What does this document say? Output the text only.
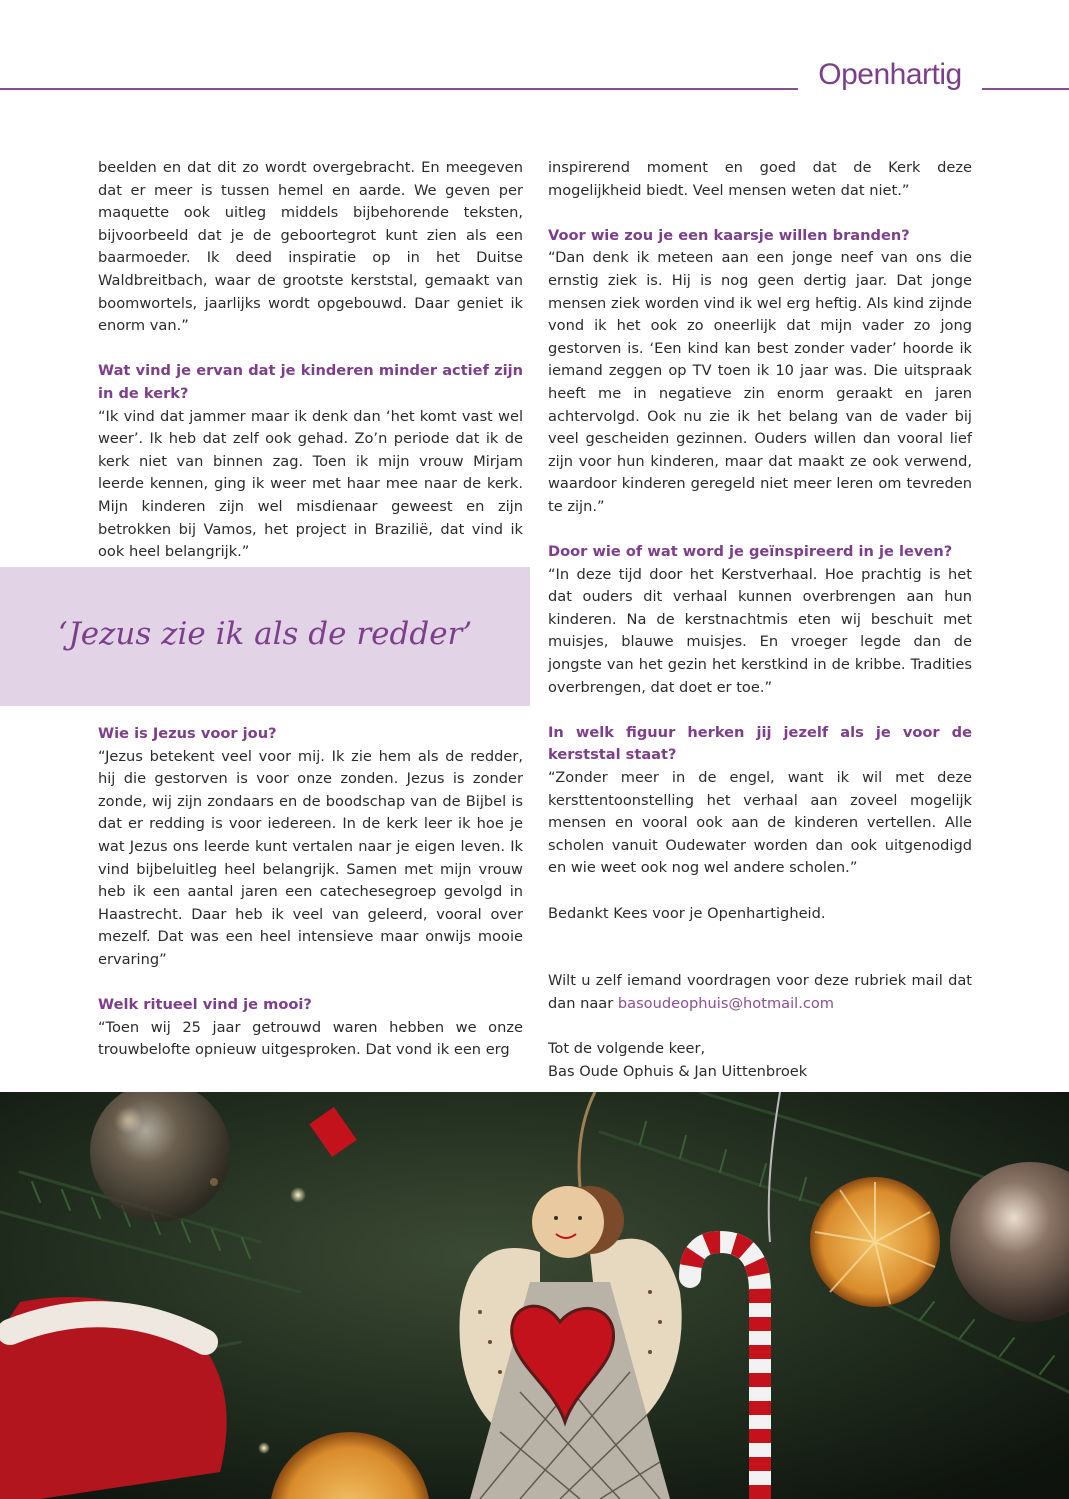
Openhartig

beelden en dat dit zo wordt overgebracht. En meegeven dat er meer is tussen hemel en aarde. We geven per maquette ook uitleg middels bijbehorende teksten, bijvoorbeeld dat je de geboortegrot kunt zien als een baarmoeder. Ik deed inspiratie op in het Duitse Waldbreitbach, waar de grootste kerststal, gemaakt van boomwortels, jaarlijks wordt opgebouwd. Daar geniet ik enorm van.”

Wat vind je ervan dat je kinderen minder actief zijn in de kerk?

“Ik vind dat jammer maar ik denk dan ‘het komt vast wel weer’. Ik heb dat zelf ook gehad. Zo’n periode dat ik de kerk niet van binnen zag. Toen ik mijn vrouw Mirjam leerde kennen, ging ik weer met haar mee naar de kerk. Mijn kinderen zijn wel misdienaar geweest en zijn betrokken bij Vamos, het project in Brazilië, dat vind ik ook heel belangrijk.”

‘Jezus zie ik als de redder’

Wie is Jezus voor jou?

“Jezus betekent veel voor mij. Ik zie hem als de redder, hij die gestorven is voor onze zonden. Jezus is zonder zonde, wij zijn zondaars en de boodschap van de Bijbel is dat er redding is voor iedereen. In de kerk leer ik hoe je wat Jezus ons leerde kunt vertalen naar je eigen leven. Ik vind bijbeluitleg heel belangrijk. Samen met mijn vrouw heb ik een aantal jaren een catechesegroep gevolgd in Haastrecht. Daar heb ik veel van geleerd, vooral over mezelf. Dat was een heel intensieve maar onwijs mooie ervaring”

Welk ritueel vind je mooi?

“Toen wij 25 jaar getrouwd waren hebben we onze trouwbelofte opnieuw uitgesproken. Dat vond ik een erg

inspirerend moment en goed dat de Kerk deze mogelijkheid biedt. Veel mensen weten dat niet.”

Voor wie zou je een kaarsje willen branden?

“Dan denk ik meteen aan een jonge neef van ons die ernstig ziek is. Hij is nog geen dertig jaar. Dat jonge mensen ziek worden vind ik wel erg heftig. Als kind zijnde vond ik het ook zo oneerlijk dat mijn vader zo jong gestorven is. ‘Een kind kan best zonder vader’ hoorde ik iemand zeggen op TV toen ik 10 jaar was. Die uitspraak heeft me in negatieve zin enorm geraakt en jaren achtervolgd. Ook nu zie ik het belang van de vader bij veel gescheiden gezinnen. Ouders willen dan vooral lief zijn voor hun kinderen, maar dat maakt ze ook verwend, waardoor kinderen geregeld niet meer leren om tevreden te zijn.”

Door wie of wat word je geïnspireerd in je leven?

“In deze tijd door het Kerstverhaal. Hoe prachtig is het dat ouders dit verhaal kunnen overbrengen aan hun kinderen. Na de kerstnachtmis eten wij beschuit met muisjes, blauwe muisjes. En vroeger legde dan de jongste van het gezin het kerstkind in de kribbe. Tradities overbrengen, dat doet er toe.”

In welk figuur herken jij jezelf als je voor de kerststal staat?

“Zonder meer in de engel, want ik wil met deze kersttentoonstelling het verhaal aan zoveel mogelijk mensen en vooral ook aan de kinderen vertellen. Alle scholen vanuit Oudewater worden dan ook uitgenodigd en wie weet ook nog wel andere scholen.”

Bedankt Kees voor je Openhartigheid.

Wilt u zelf iemand voordragen voor deze rubriek mail dat dan naar basoudeophuis@hotmail.com

Tot de volgende keer,

Bas Oude Ophuis & Jan Uittenbroek
